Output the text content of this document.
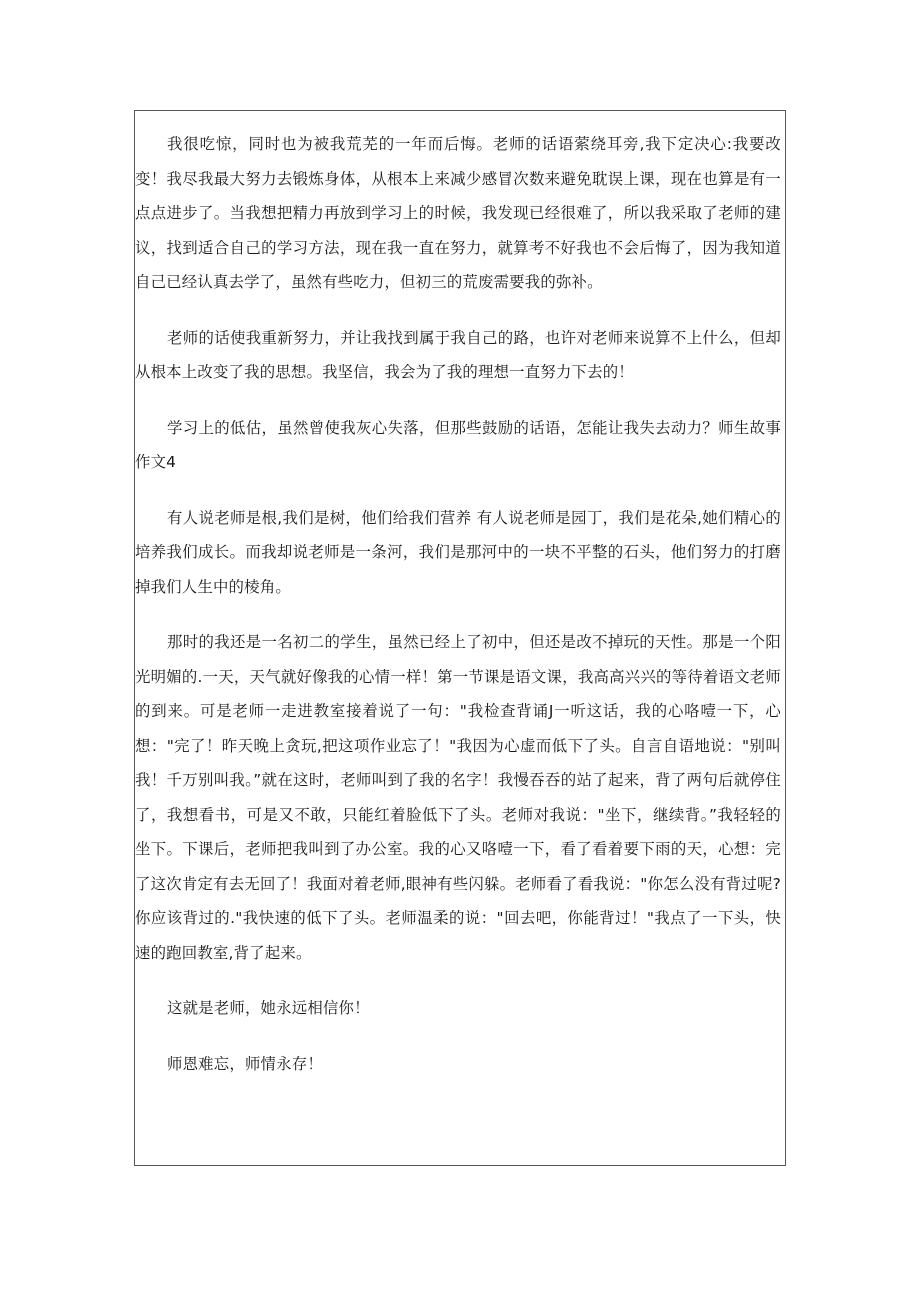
我很吃惊，同时也为被我荒芜的一年而后悔。老师的话语萦绕耳旁,我下定决心:我要改变！我尽我最大努力去锻炼身体，从根本上来减少感冒次数来避免耽误上课，现在也算是有一点点进步了。当我想把精力再放到学习上的时候，我发现已经很难了，所以我采取了老师的建议，找到适合自己的学习方法，现在我一直在努力，就算考不好我也不会后悔了，因为我知道自己已经认真去学了，虽然有些吃力，但初三的荒废需要我的弥补。

老师的话使我重新努力，并让我找到属于我自己的路，也许对老师来说算不上什么，但却从根本上改变了我的思想。我坚信，我会为了我的理想一直努力下去的！

学习上的低估，虽然曾使我灰心失落，但那些鼓励的话语，怎能让我失去动力？师生故事作文4

有人说老师是根,我们是树，他们给我们营养 有人说老师是园丁，我们是花朵,她们精心的培养我们成长。而我却说老师是一条河，我们是那河中的一块不平整的石头，他们努力的打磨掉我们人生中的棱角。

那时的我还是一名初二的学生，虽然已经上了初中，但还是改不掉玩的天性。那是一个阳光明媚的.一天，天气就好像我的心情一样！第一节课是语文课，我高高兴兴的等待着语文老师的到来。可是老师一走进教室接着说了一句："我检查背诵J一听这话，我的心咯噎一下，心想："完了！昨天晚上贪玩,把这项作业忘了！"我因为心虚而低下了头。自言自语地说："别叫我！千万别叫我。”就在这时，老师叫到了我的名字！我慢吞吞的站了起来，背了两句后就停住了，我想看书，可是又不敢，只能红着脸低下了头。老师对我说："坐下，继续背。”我轻轻的坐下。下课后，老师把我叫到了办公室。我的心又咯噎一下，看了看着要下雨的天，心想：完了这次肯定有去无回了！我面对着老师,眼神有些闪躲。老师看了看我说："你怎么没有背过呢?你应该背过的."我快速的低下了头。老师温柔的说："回去吧，你能背过！"我点了一下头，快速的跑回教室,背了起来。

这就是老师，她永远相信你！

师恩难忘，师情永存！
